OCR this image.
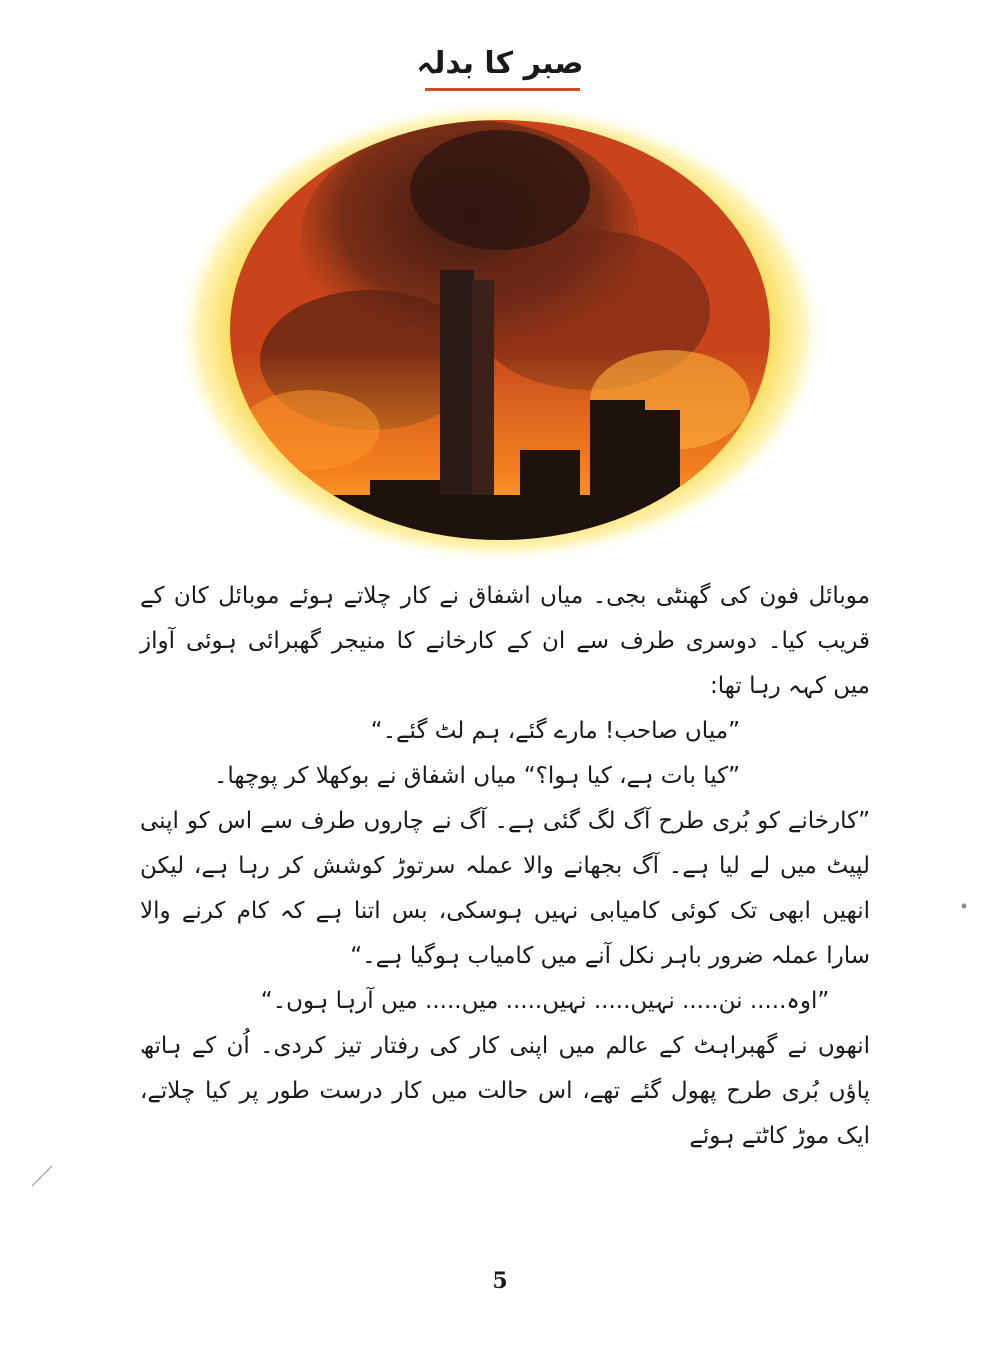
صبر کا بدلہ

موبائل فون کی گھنٹی بجی۔ میاں اشفاق نے کار چلاتے ہوئے موبائل کان کے قریب کیا۔ دوسری طرف سے ان کے کارخانے کا منیجر گھبرائی ہوئی آواز میں کہہ رہا تھا:

”میاں صاحب! مارے گئے، ہم لٹ گئے۔“

”کیا بات ہے، کیا ہوا؟“ میاں اشفاق نے بوکھلا کر پوچھا۔

”کارخانے کو بُری طرح آگ لگ گئی ہے۔ آگ نے چاروں طرف سے اس کو اپنی لپیٹ میں لے لیا ہے۔ آگ بجھانے والا عملہ سرتوڑ کوشش کر رہا ہے، لیکن انھیں ابھی تک کوئی کامیابی نہیں ہوسکی، بس اتنا ہے کہ کام کرنے والا سارا عملہ ضرور باہر نکل آنے میں کامیاب ہوگیا ہے۔“

”اوہ..... نن..... نہیں..... نہیں..... میں..... میں آرہا ہوں۔“

انھوں نے گھبراہٹ کے عالم میں اپنی کار کی رفتار تیز کردی۔ اُن کے ہاتھ پاؤں بُری طرح پھول گئے تھے، اس حالت میں کار درست طور پر کیا چلاتے، ایک موڑ کاٹتے ہوئے

5
